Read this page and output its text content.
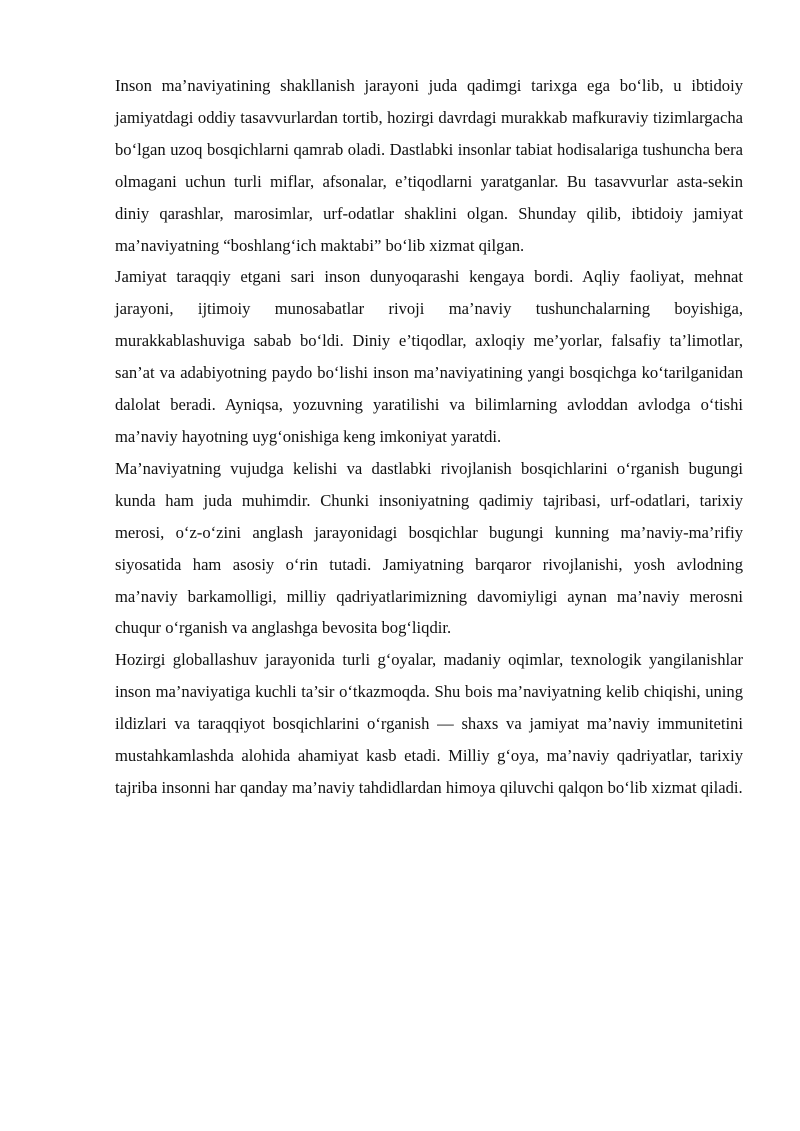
Inson ma’naviyatining shakllanish jarayoni juda qadimgi tarixga ega bo‘lib, u ibtidoiy jamiyatdagi oddiy tasavvurlardan tortib, hozirgi davrdagi murakkab mafkuraviy tizimlargacha bo‘lgan uzoq bosqichlarni qamrab oladi. Dastlabki insonlar tabiat hodisalariga tushuncha bera olmagani uchun turli miflar, afsonalar, e’tiqodlarni yaratganlar. Bu tasavvurlar asta-sekin diniy qarashlar, marosimlar, urf-odatlar shaklini olgan. Shunday qilib, ibtidoiy jamiyat ma’naviyatning “boshlang‘ich maktabi” bo‘lib xizmat qilgan.

Jamiyat taraqqiy etgani sari inson dunyoqarashi kengaya bordi. Aqliy faoliyat, mehnat jarayoni, ijtimoiy munosabatlar rivoji ma’naviy tushunchalarning boyishiga, murakkablashuviga sabab bo‘ldi. Diniy e’tiqodlar, axloqiy me’yorlar, falsafiy ta’limotlar, san’at va adabiyotning paydo bo‘lishi inson ma’naviyatining yangi bosqichga ko‘tarilganidan dalolat beradi. Ayniqsa, yozuvning yaratilishi va bilimlarning avloddan avlodga o‘tishi ma’naviy hayotning uyg‘onishiga keng imkoniyat yaratdi.

Ma’naviyatning vujudga kelishi va dastlabki rivojlanish bosqichlarini o‘rganish bugungi kunda ham juda muhimdir. Chunki insoniyatning qadimiy tajribasi, urf-odatlari, tarixiy merosi, o‘z-o‘zini anglash jarayonidagi bosqichlar bugungi kunning ma’naviy-ma’rifiy siyosatida ham asosiy o‘rin tutadi. Jamiyatning barqaror rivojlanishi, yosh avlodning ma’naviy barkamolligi, milliy qadriyatlarimizning davomiyligi aynan ma’naviy merosni chuqur o‘rganish va anglashga bevosita bog‘liqdir.

Hozirgi globallashuv jarayonida turli g‘oyalar, madaniy oqimlar, texnologik yangilanishlar inson ma’naviyatiga kuchli ta’sir o‘tkazmoqda. Shu bois ma’naviyatning kelib chiqishi, uning ildizlari va taraqqiyot bosqichlarini o‘rganish — shaxs va jamiyat ma’naviy immunitetini mustahkamlashda alohida ahamiyat kasb etadi. Milliy g‘oya, ma’naviy qadriyatlar, tarixiy tajriba insonni har qanday ma’naviy tahdidlardan himoya qiluvchi qalqon bo‘lib xizmat qiladi.
